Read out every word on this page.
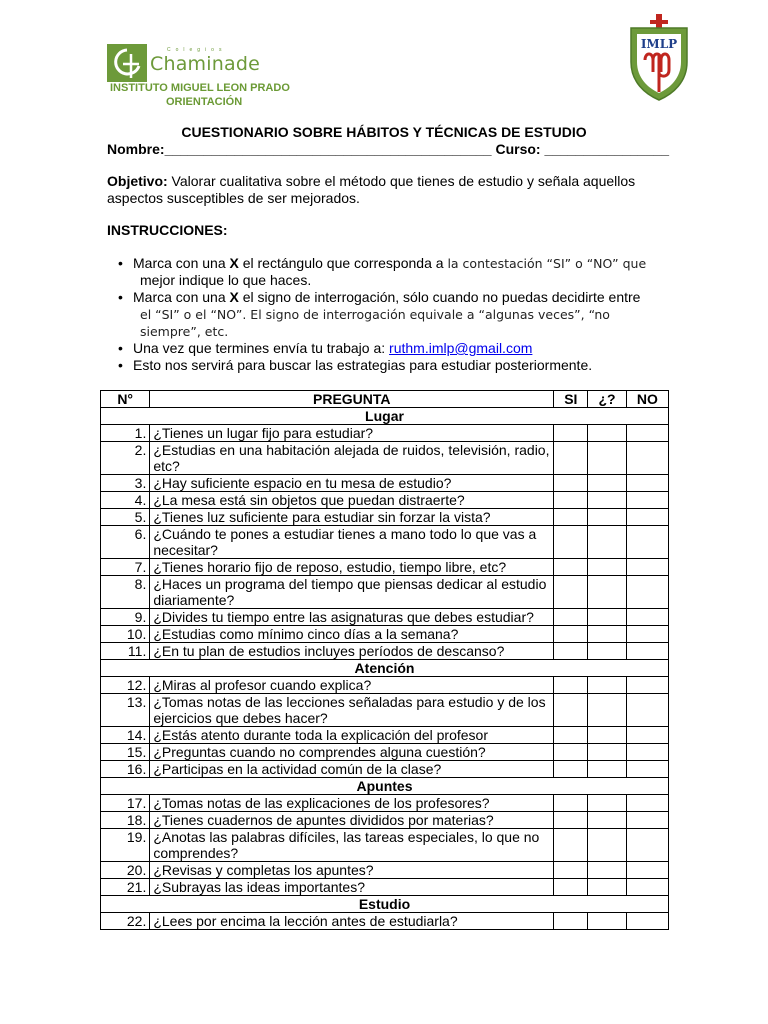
Colegios
Chaminade
INSTITUTO MIGUEL LEON PRADO
ORIENTACIÓN
IMLP
CUESTIONARIO SOBRE HÁBITOS Y TÉCNICAS DE ESTUDIO
Nombre:__________________________________________ Curso: ________________
Objetivo: Valorar cualitativa sobre el método que tienes de estudio y señala aquellos aspectos susceptibles de ser mejorados.
INSTRUCCIONES:
• Marca con una X el rectángulo que corresponda a la contestación “SI” o “NO” que
mejor indique lo que haces.
• Marca con una X el signo de interrogación, sólo cuando no puedas decidirte entre
el “SI” o el “NO”. El signo de interrogación equivale a “algunas veces”, “no
siempre”, etc.
• Una vez que termines envía tu trabajo a: ruthm.imlp@gmail.com
• Esto nos servirá para buscar las estrategias para estudiar posteriormente.
N°	PREGUNTA	SI	¿?	NO
Lugar				
1.	¿Tienes un lugar fijo para estudiar?			
2.	¿Estudias en una habitación alejada de ruidos, televisión, radio, etc?			
3.	¿Hay suficiente espacio en tu mesa de estudio?			
4.	¿La mesa está sin objetos que puedan distraerte?			
5.	¿Tienes luz suficiente para estudiar sin forzar la vista?			
6.	¿Cuándo te pones a estudiar tienes a mano todo lo que vas a necesitar?			
7.	¿Tienes horario fijo de reposo, estudio, tiempo libre, etc?			
8.	¿Haces un programa del tiempo que piensas dedicar al estudio diariamente?			
9.	¿Divides tu tiempo entre las asignaturas que debes estudiar?			
10.	¿Estudias como mínimo cinco días a la semana?			
11.	¿En tu plan de estudios incluyes períodos de descanso?			
Atención				
12.	¿Miras al profesor cuando explica?			
13.	¿Tomas notas de las lecciones señaladas para estudio y de los ejercicios que debes hacer?			
14.	¿Estás atento durante toda la explicación del profesor			
15.	¿Preguntas cuando no comprendes alguna cuestión?			
16.	¿Participas en la actividad común de la clase?			
Apuntes				
17.	¿Tomas notas de las explicaciones de los profesores?			
18.	¿Tienes cuadernos de apuntes divididos por materias?			
19.	¿Anotas las palabras difíciles, las tareas especiales, lo que no comprendes?			
20.	¿Revisas y completas los apuntes?			
21.	¿Subrayas las ideas importantes?			
Estudio				
22.	¿Lees por encima la lección antes de estudiarla?			
